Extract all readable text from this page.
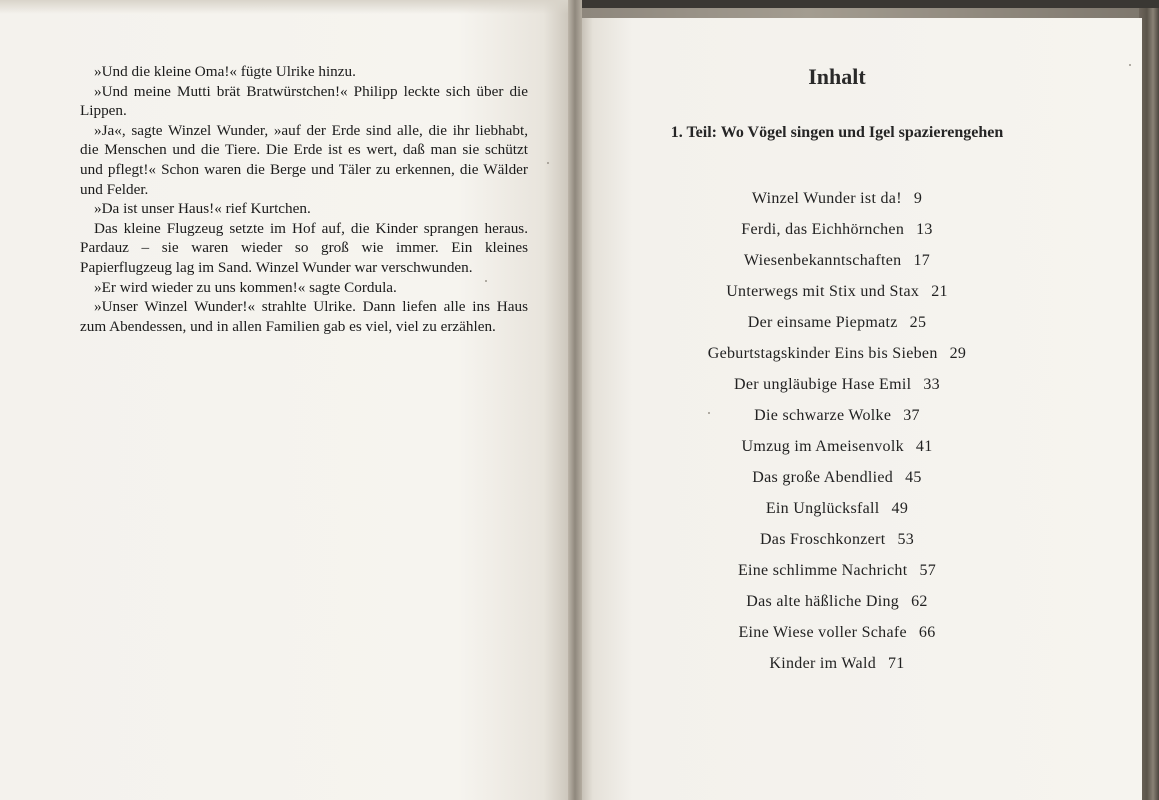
»Und die kleine Oma!« fügte Ulrike hinzu.

»Und meine Mutti brät Bratwürstchen!« Philipp leckte sich über die Lippen.

»Ja«, sagte Winzel Wunder, »auf der Erde sind alle, die ihr liebhabt, die Menschen und die Tiere. Die Erde ist es wert, daß man sie schützt und pflegt!« Schon waren die Berge und Täler zu erkennen, die Wälder und Felder.

»Da ist unser Haus!« rief Kurtchen.

Das kleine Flugzeug setzte im Hof auf, die Kinder sprangen heraus. Pardauz – sie waren wieder so groß wie immer. Ein kleines Papierflugzeug lag im Sand. Winzel Wunder war verschwunden.

»Er wird wieder zu uns kommen!« sagte Cordula.

»Unser Winzel Wunder!« strahlte Ulrike. Dann liefen alle ins Haus zum Abendessen, und in allen Familien gab es viel, viel zu erzählen.

Inhalt
1. Teil: Wo Vögel singen und Igel spazierengehen
Winzel Wunder ist da! 9
Ferdi, das Eichhörnchen 13
Wiesenbekanntschaften 17
Unterwegs mit Stix und Stax 21
Der einsame Piepmatz 25
Geburtstagskinder Eins bis Sieben 29
Der ungläubige Hase Emil 33
Die schwarze Wolke 37
Umzug im Ameisenvolk 41
Das große Abendlied 45
Ein Unglücksfall 49
Das Froschkonzert 53
Eine schlimme Nachricht 57
Das alte häßliche Ding 62
Eine Wiese voller Schafe 66
Kinder im Wald 71
